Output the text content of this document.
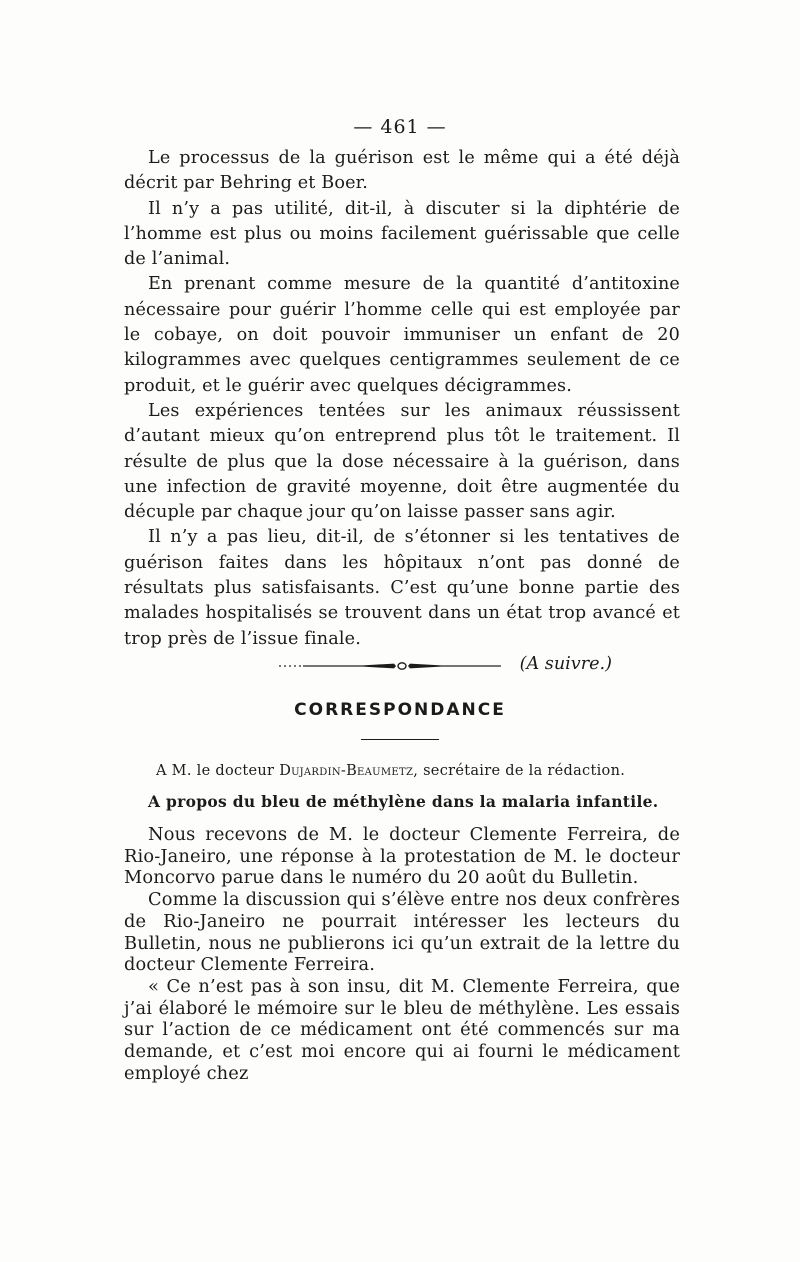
— 461 —

Le processus de la guérison est le même qui a été déjà décrit par Behring et Boer.

Il n’y a pas utilité, dit-il, à discuter si la diphtérie de l’homme est plus ou moins facilement guérissable que celle de l’animal.

En prenant comme mesure de la quantité d’antitoxine nécessaire pour guérir l’homme celle qui est employée par le cobaye, on doit pouvoir immuniser un enfant de 20 kilogrammes avec quelques centigrammes seulement de ce produit, et le guérir avec quelques décigrammes.

Les expériences tentées sur les animaux réussissent d’autant mieux qu’on entreprend plus tôt le traitement. Il résulte de plus que la dose nécessaire à la guérison, dans une infection de gravité moyenne, doit être augmentée du décuple par chaque jour qu’on laisse passer sans agir.

Il n’y a pas lieu, dit-il, de s’étonner si les tentatives de guérison faites dans les hôpitaux n’ont pas donné de résultats plus satisfaisants. C’est qu’une bonne partie des malades hospitalisés se trouvent dans un état trop avancé et trop près de l’issue finale.

(A suivre.)

CORRESPONDANCE
A M. le docteur Dujardin-Beaumetz, secrétaire de la rédaction.
A propos du bleu de méthylène dans la malaria infantile.

Nous recevons de M. le docteur Clemente Ferreira, de Rio-Janeiro, une réponse à la protestation de M. le docteur Moncorvo parue dans le numéro du 20 août du Bulletin.

Comme la discussion qui s’élève entre nos deux confrères de Rio-Janeiro ne pourrait intéresser les lecteurs du Bulletin, nous ne publierons ici qu’un extrait de la lettre du docteur Clemente Ferreira.

« Ce n’est pas à son insu, dit M. Clemente Ferreira, que j’ai élaboré le mémoire sur le bleu de méthylène. Les essais sur l’action de ce médicament ont été commencés sur ma demande, et c’est moi encore qui ai fourni le médicament employé chez
